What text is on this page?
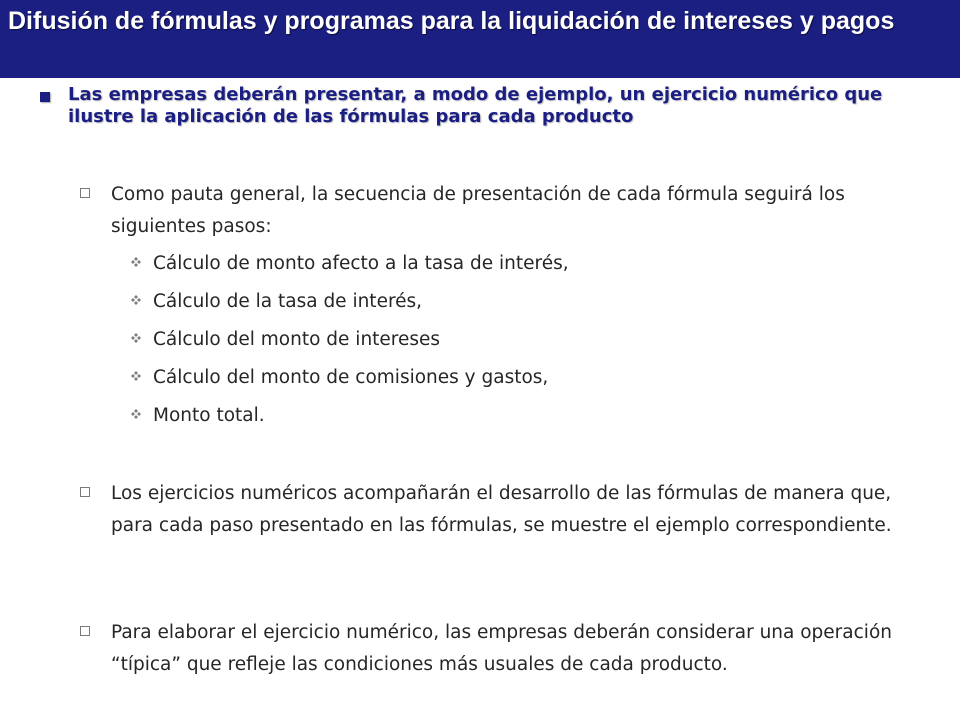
Difusión de fórmulas y programas para la liquidación de intereses y pagos
Las empresas deberán presentar, a modo de ejemplo, un ejercicio numérico que ilustre la aplicación de las fórmulas para cada producto
Como pauta general, la secuencia de presentación de cada fórmula seguirá los siguientes pasos:
Cálculo de monto afecto a la tasa de interés,
Cálculo de la tasa de interés,
Cálculo del monto de intereses
Cálculo del monto de comisiones y gastos,
Monto total.
Los ejercicios numéricos acompañarán el desarrollo de las fórmulas de manera que, para cada paso presentado en las fórmulas, se muestre el ejemplo correspondiente.
Para elaborar el ejercicio numérico, las empresas deberán considerar una operación “típica” que refleje las condiciones más usuales de cada producto.
